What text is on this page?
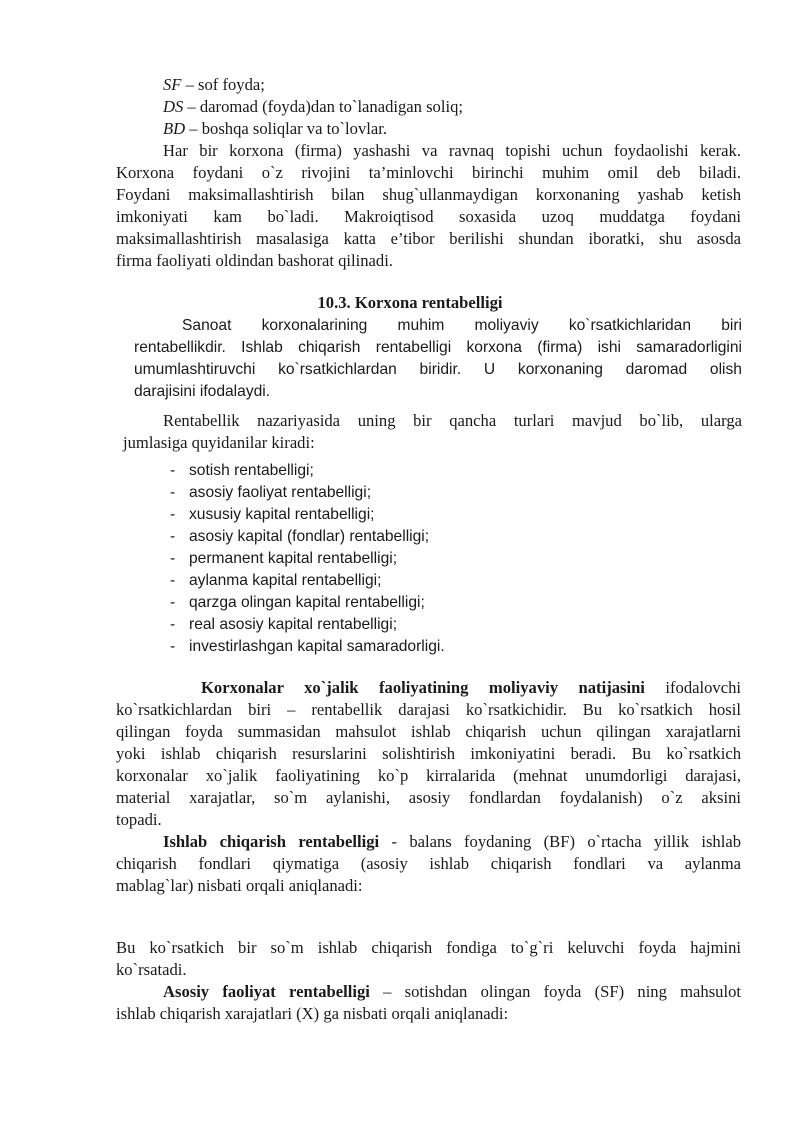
SF – sof foyda;
DS – daromad (foyda)dan to`lanadigan soliq;
BD – boshqa soliqlar va to`lovlar.
Har bir korxona (firma) yashashi va ravnaq topishi uchun foydaolishi kerak.
Korxona foydani o`z rivojini ta’minlovchi birinchi muhim omil deb biladi.
Foydani maksimallashtirish bilan shug`ullanmaydigan korxonaning yashab ketish
imkoniyati kam bo`ladi. Makroiqtisod soxasida uzoq muddatga foydani
maksimallashtirish masalasiga katta e’tibor berilishi shundan iboratki, shu asosda
firma faoliyati oldindan bashorat qilinadi.
10.3. Korxona rentabelligi
Sanoat korxonalarining muhim moliyaviy ko`rsatkichlaridan biri
rentabellikdir. Ishlab chiqarish rentabelligi korxona (firma) ishi samaradorligini
umumlashtiruvchi ko`rsatkichlardan biridir. U korxonaning daromad olish
darajisini ifodalaydi.
Rentabellik nazariyasida uning bir qancha turlari mavjud bo`lib, ularga
jumlasiga quyidanilar kiradi:
- sotish rentabelligi;
- asosiy faoliyat rentabelligi;
- xususiy kapital rentabelligi;
- asosiy kapital (fondlar) rentabelligi;
- permanent kapital rentabelligi;
- aylanma kapital rentabelligi;
- qarzga olingan kapital rentabelligi;
- real asosiy kapital rentabelligi;
- investirlashgan kapital samaradorligi.
Korxonalar xo`jalik faoliyatining moliyaviy natijasini ifodalovchi
ko`rsatkichlardan biri – rentabellik darajasi ko`rsatkichidir. Bu ko`rsatkich hosil
qilingan foyda summasidan mahsulot ishlab chiqarish uchun qilingan xarajatlarni
yoki ishlab chiqarish resurslarini solishtirish imkoniyatini beradi. Bu ko`rsatkich
korxonalar xo`jalik faoliyatining ko`p kirralarida (mehnat unumdorligi darajasi,
material xarajatlar, so`m aylanishi, asosiy fondlardan foydalanish) o`z aksini
topadi.
Ishlab chiqarish rentabelligi - balans foydaning (BF) o`rtacha yillik ishlab
chiqarish fondlari qiymatiga (asosiy ishlab chiqarish fondlari va aylanma
mablag`lar) nisbati orqali aniqlanadi:
Bu ko`rsatkich bir so`m ishlab chiqarish fondiga to`g`ri keluvchi foyda hajmini
ko`rsatadi.
Asosiy faoliyat rentabelligi – sotishdan olingan foyda (SF) ning mahsulot
ishlab chiqarish xarajatlari (X) ga nisbati orqali aniqlanadi:
